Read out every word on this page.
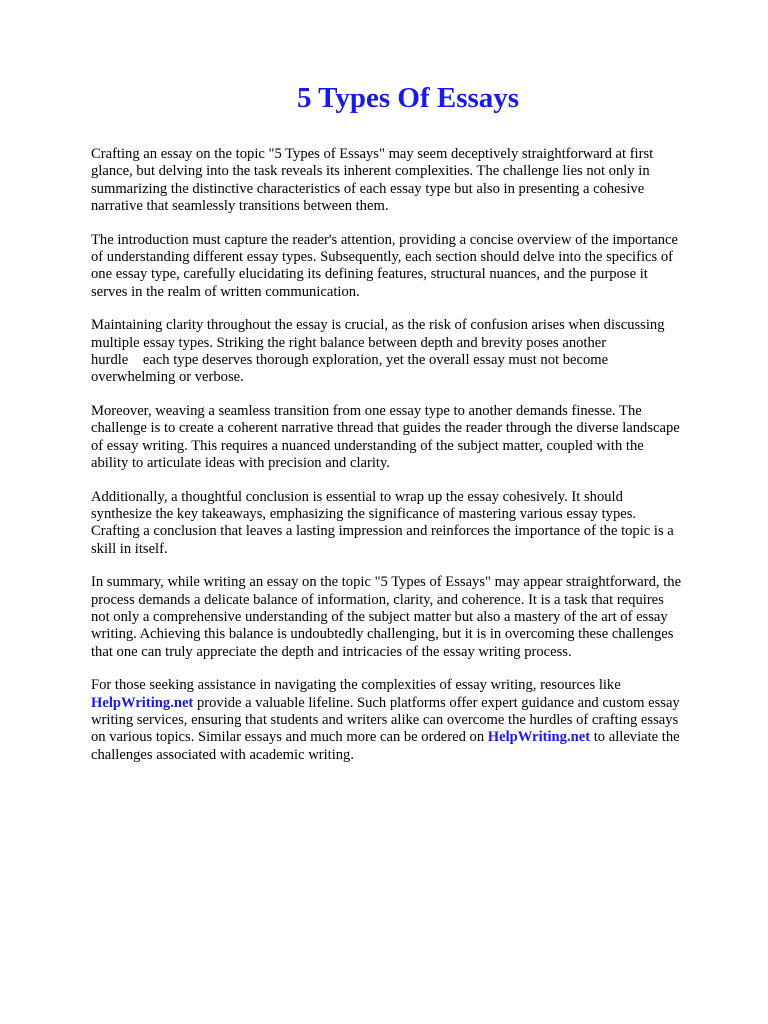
5 Types Of Essays

Crafting an essay on the topic "5 Types of Essays" may seem deceptively straightforward at first
glance, but delving into the task reveals its inherent complexities. The challenge lies not only in
summarizing the distinctive characteristics of each essay type but also in presenting a cohesive
narrative that seamlessly transitions between them.

The introduction must capture the reader's attention, providing a concise overview of the importance
of understanding different essay types. Subsequently, each section should delve into the specifics of
one essay type, carefully elucidating its defining features, structural nuances, and the purpose it
serves in the realm of written communication.

Maintaining clarity throughout the essay is crucial, as the risk of confusion arises when discussing
multiple essay types. Striking the right balance between depth and brevity poses another
hurdle    each type deserves thorough exploration, yet the overall essay must not become
overwhelming or verbose.

Moreover, weaving a seamless transition from one essay type to another demands finesse. The
challenge is to create a coherent narrative thread that guides the reader through the diverse landscape
of essay writing. This requires a nuanced understanding of the subject matter, coupled with the
ability to articulate ideas with precision and clarity.

Additionally, a thoughtful conclusion is essential to wrap up the essay cohesively. It should
synthesize the key takeaways, emphasizing the significance of mastering various essay types.
Crafting a conclusion that leaves a lasting impression and reinforces the importance of the topic is a
skill in itself.

In summary, while writing an essay on the topic "5 Types of Essays" may appear straightforward, the
process demands a delicate balance of information, clarity, and coherence. It is a task that requires
not only a comprehensive understanding of the subject matter but also a mastery of the art of essay
writing. Achieving this balance is undoubtedly challenging, but it is in overcoming these challenges
that one can truly appreciate the depth and intricacies of the essay writing process.

For those seeking assistance in navigating the complexities of essay writing, resources like
HelpWriting.net provide a valuable lifeline. Such platforms offer expert guidance and custom essay
writing services, ensuring that students and writers alike can overcome the hurdles of crafting essays
on various topics. Similar essays and much more can be ordered on HelpWriting.net to alleviate the
challenges associated with academic writing.
